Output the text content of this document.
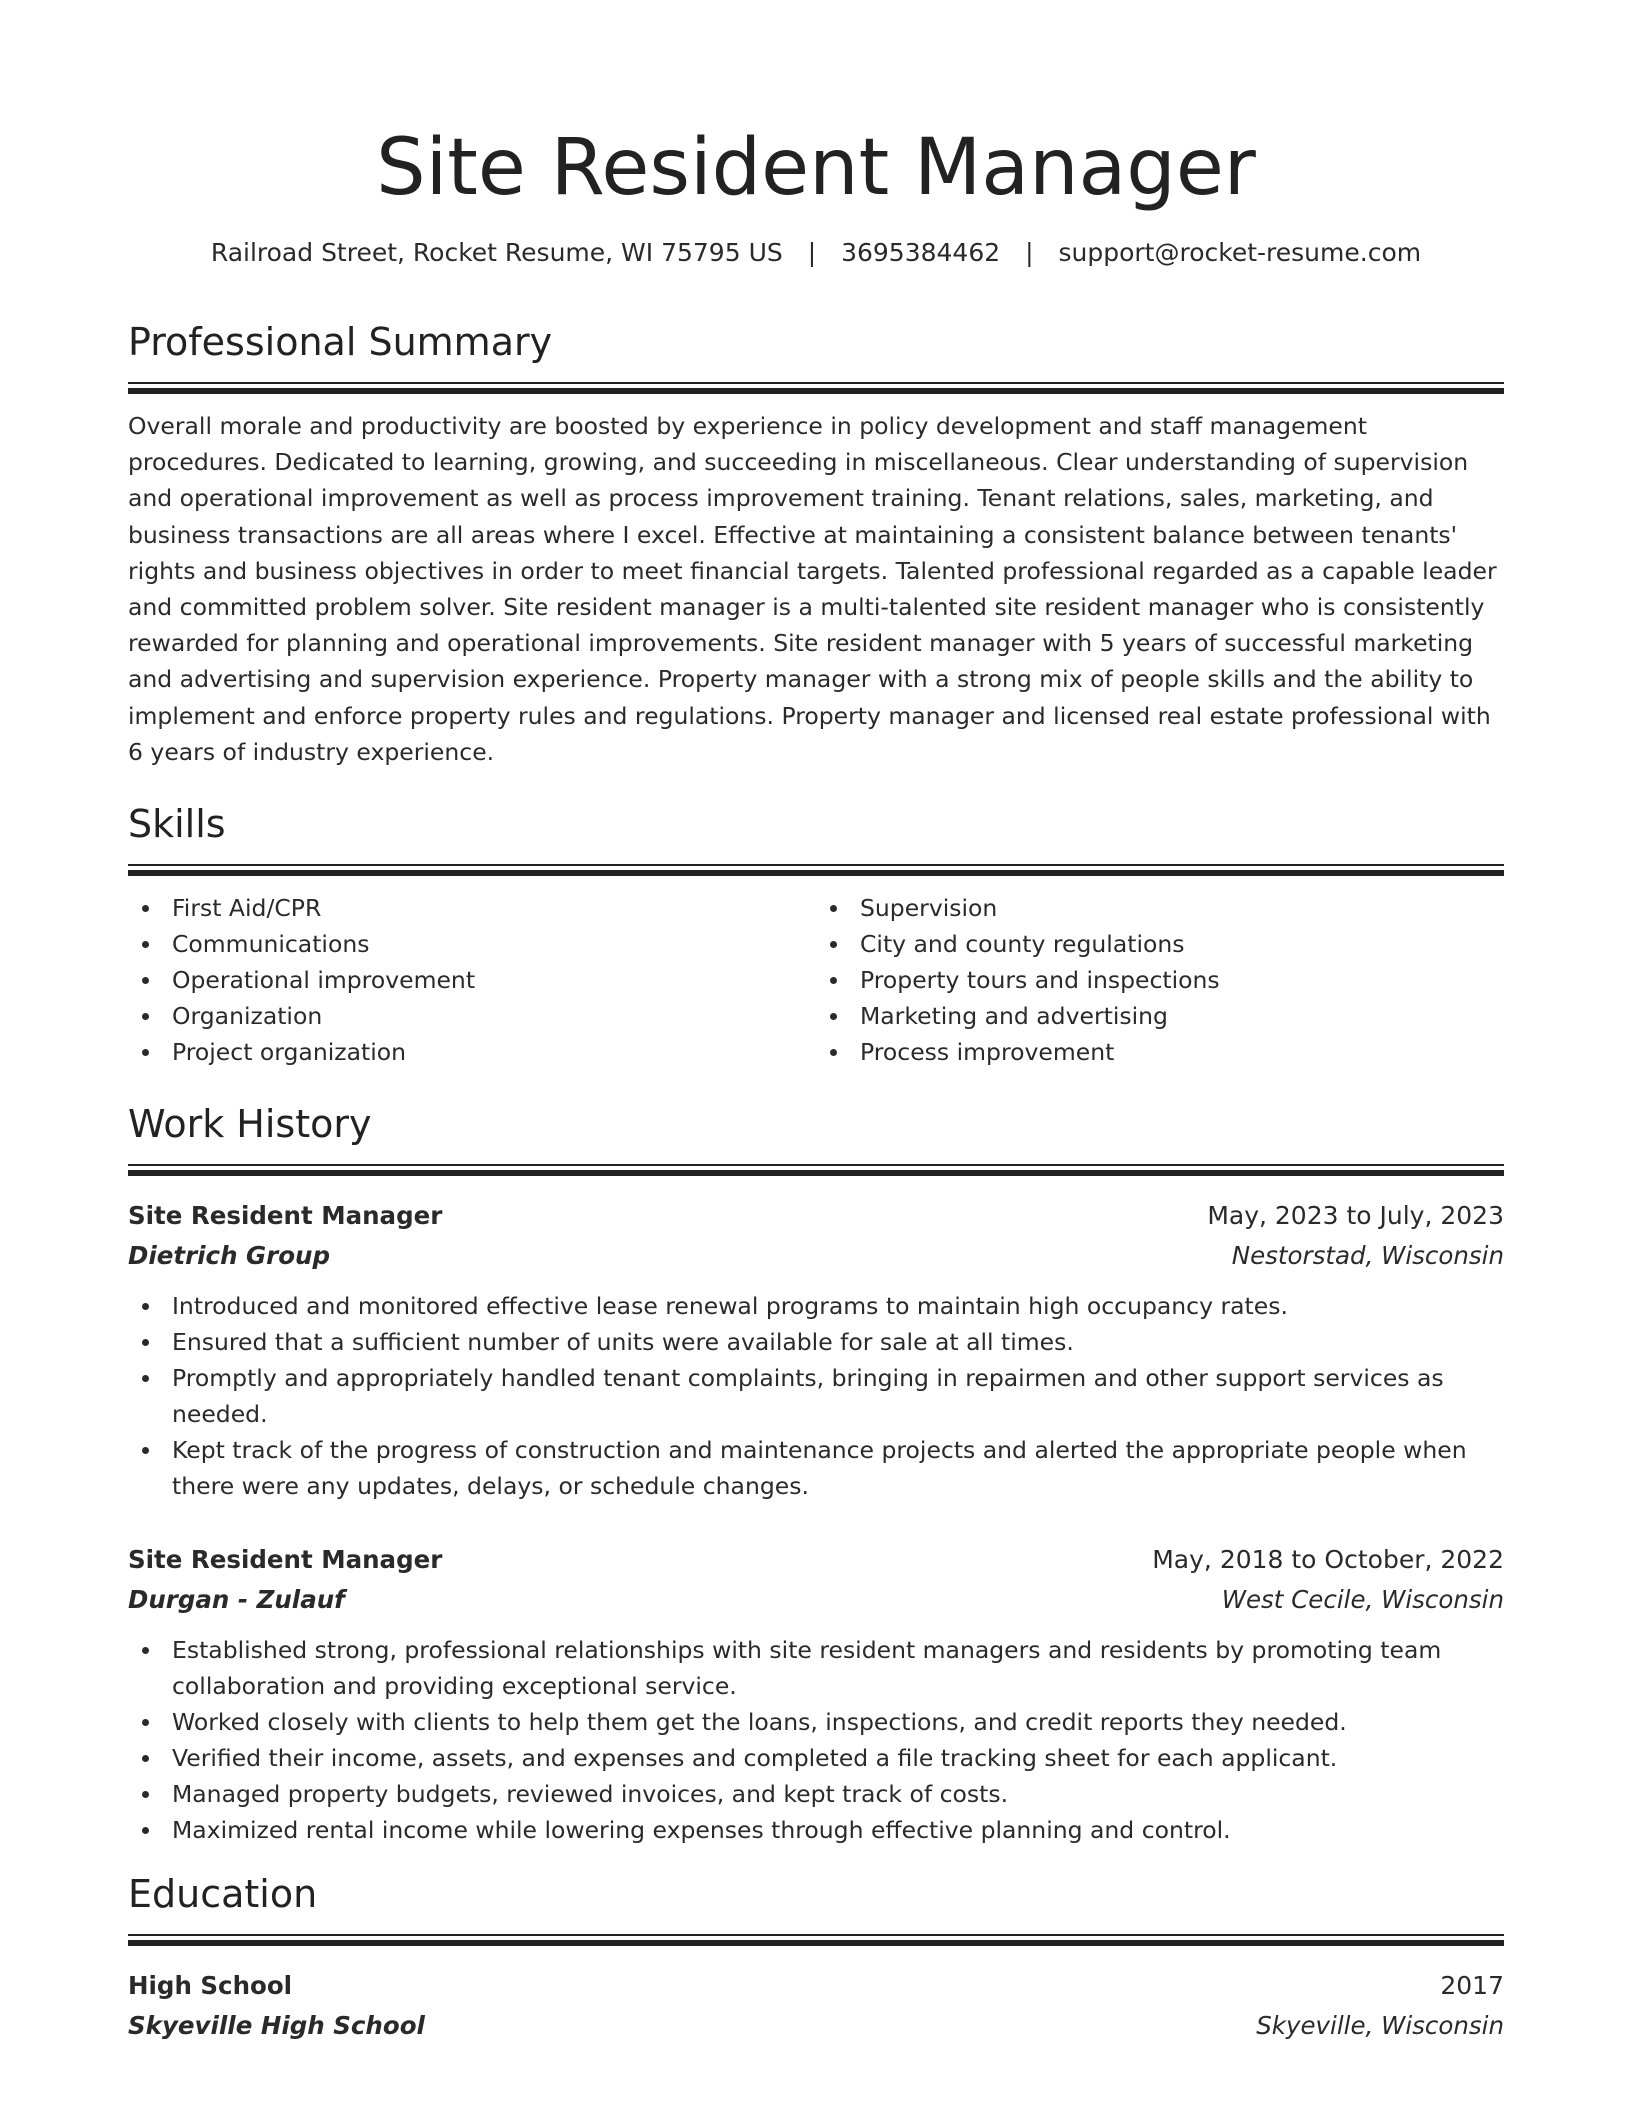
Site Resident Manager
Railroad Street, Rocket Resume, WI 75795 US | 3695384462 | support@rocket-resume.com
Professional Summary

Overall morale and productivity are boosted by experience in policy development and staff management procedures. Dedicated to learning, growing, and succeeding in miscellaneous. Clear understanding of supervision and operational improvement as well as process improvement training. Tenant relations, sales, marketing, and business transactions are all areas where I excel. Effective at maintaining a consistent balance between tenants' rights and business objectives in order to meet financial targets. Talented professional regarded as a capable leader and committed problem solver. Site resident manager is a multi-talented site resident manager who is consistently rewarded for planning and operational improvements. Site resident manager with 5 years of successful marketing and advertising and supervision experience. Property manager with a strong mix of people skills and the ability to implement and enforce property rules and regulations. Property manager and licensed real estate professional with 6 years of industry experience.

Skills
First Aid/CPR
Communications
Operational improvement
Organization
Project organization
Supervision
City and county regulations
Property tours and inspections
Marketing and advertising
Process improvement
Work History
Site Resident Manager	May, 2023 to July, 2023
Dietrich Group	Nestorstad, Wisconsin
Introduced and monitored effective lease renewal programs to maintain high occupancy rates.
Ensured that a sufficient number of units were available for sale at all times.
Promptly and appropriately handled tenant complaints, bringing in repairmen and other support services as needed.
Kept track of the progress of construction and maintenance projects and alerted the appropriate people when there were any updates, delays, or schedule changes.
Site Resident Manager	May, 2018 to October, 2022
Durgan - Zulauf	West Cecile, Wisconsin
Established strong, professional relationships with site resident managers and residents by promoting team collaboration and providing exceptional service.
Worked closely with clients to help them get the loans, inspections, and credit reports they needed.
Verified their income, assets, and expenses and completed a file tracking sheet for each applicant.
Managed property budgets, reviewed invoices, and kept track of costs.
Maximized rental income while lowering expenses through effective planning and control.
Education
High School	2017
Skyeville High School	Skyeville, Wisconsin
